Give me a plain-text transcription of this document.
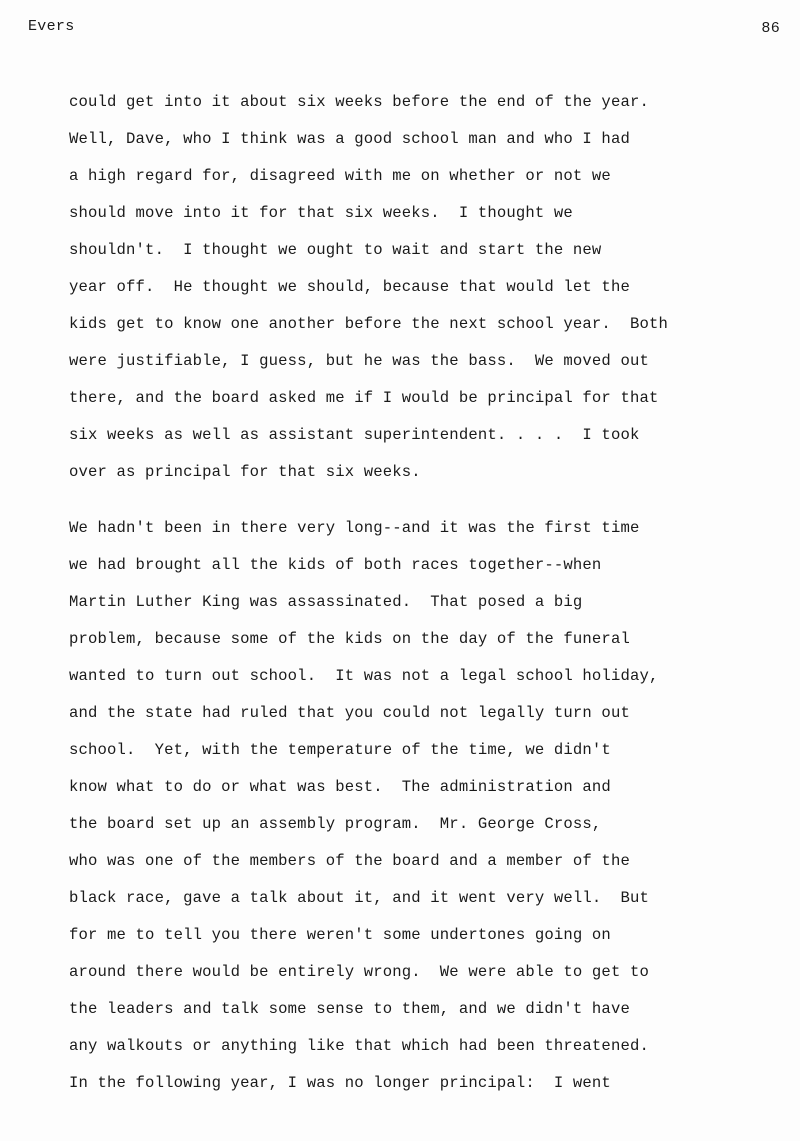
Evers	86
could get into it about six weeks before the end of the year.
Well, Dave, who I think was a good school man and who I had
a high regard for, disagreed with me on whether or not we
should move into it for that six weeks.  I thought we
shouldn't.  I thought we ought to wait and start the new
year off.  He thought we should, because that would let the
kids get to know one another before the next school year.  Both
were justifiable, I guess, but he was the bass.  We moved out
there, and the board asked me if I would be principal for that
six weeks as well as assistant superintendent. . . .  I took
over as principal for that six weeks.
We hadn't been in there very long--and it was the first time
we had brought all the kids of both races together--when
Martin Luther King was assassinated.  That posed a big
problem, because some of the kids on the day of the funeral
wanted to turn out school.  It was not a legal school holiday,
and the state had ruled that you could not legally turn out
school.  Yet, with the temperature of the time, we didn't
know what to do or what was best.  The administration and
the board set up an assembly program.  Mr. George Cross,
who was one of the members of the board and a member of the
black race, gave a talk about it, and it went very well.  But
for me to tell you there weren't some undertones going on
around there would be entirely wrong.  We were able to get to
the leaders and talk some sense to them, and we didn't have
any walkouts or anything like that which had been threatened.
In the following year, I was no longer principal:  I went
